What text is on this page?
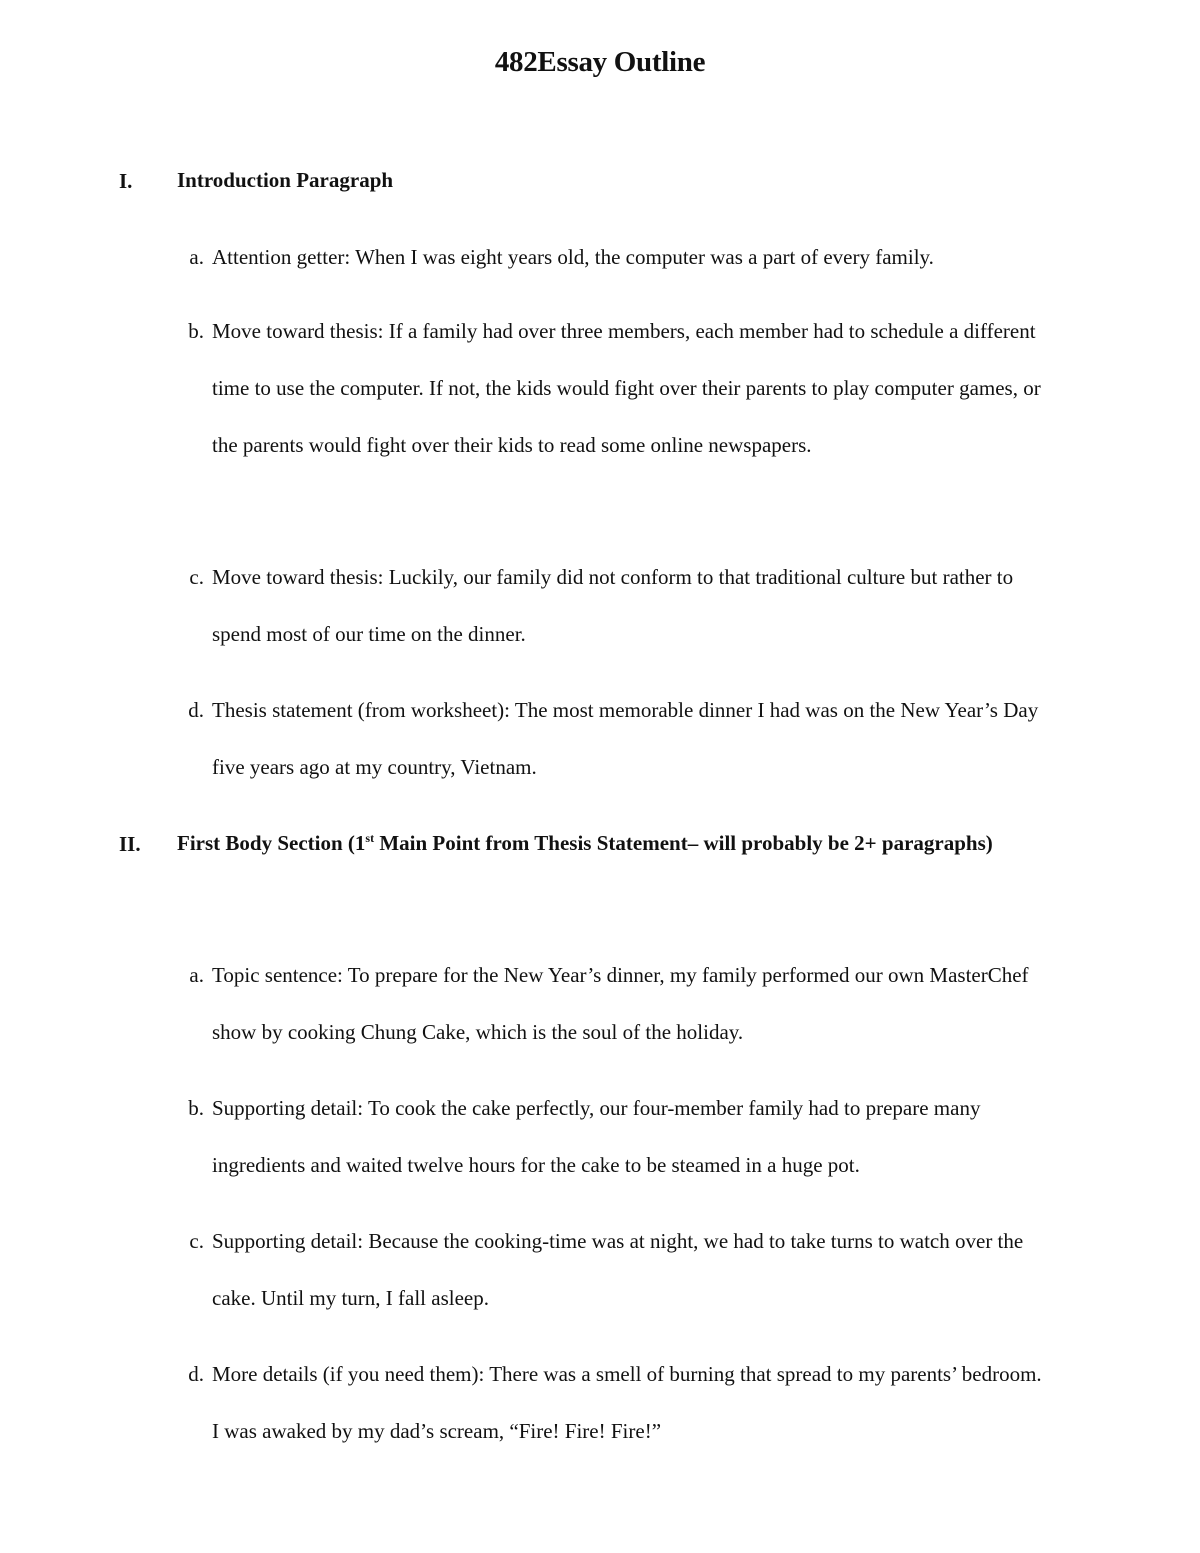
482Essay Outline
I. Introduction Paragraph
a. Attention getter: When I was eight years old, the computer was a part of every family.
b. Move toward thesis: If a family had over three members, each member had to schedule a different time to use the computer. If not, the kids would fight over their parents to play computer games, or the parents would fight over their kids to read some online newspapers.
c. Move toward thesis: Luckily, our family did not conform to that traditional culture but rather to spend most of our time on the dinner.
d. Thesis statement (from worksheet): The most memorable dinner I had was on the New Year’s Day five years ago at my country, Vietnam.
II. First Body Section (1st Main Point from Thesis Statement– will probably be 2+ paragraphs)
a. Topic sentence: To prepare for the New Year’s dinner, my family performed our own MasterChef show by cooking Chung Cake, which is the soul of the holiday.
b. Supporting detail: To cook the cake perfectly, our four-member family had to prepare many ingredients and waited twelve hours for the cake to be steamed in a huge pot.
c. Supporting detail: Because the cooking-time was at night, we had to take turns to watch over the cake. Until my turn, I fall asleep.
d. More details (if you need them): There was a smell of burning that spread to my parents’ bedroom. I was awaked by my dad’s scream, “Fire! Fire! Fire!”
